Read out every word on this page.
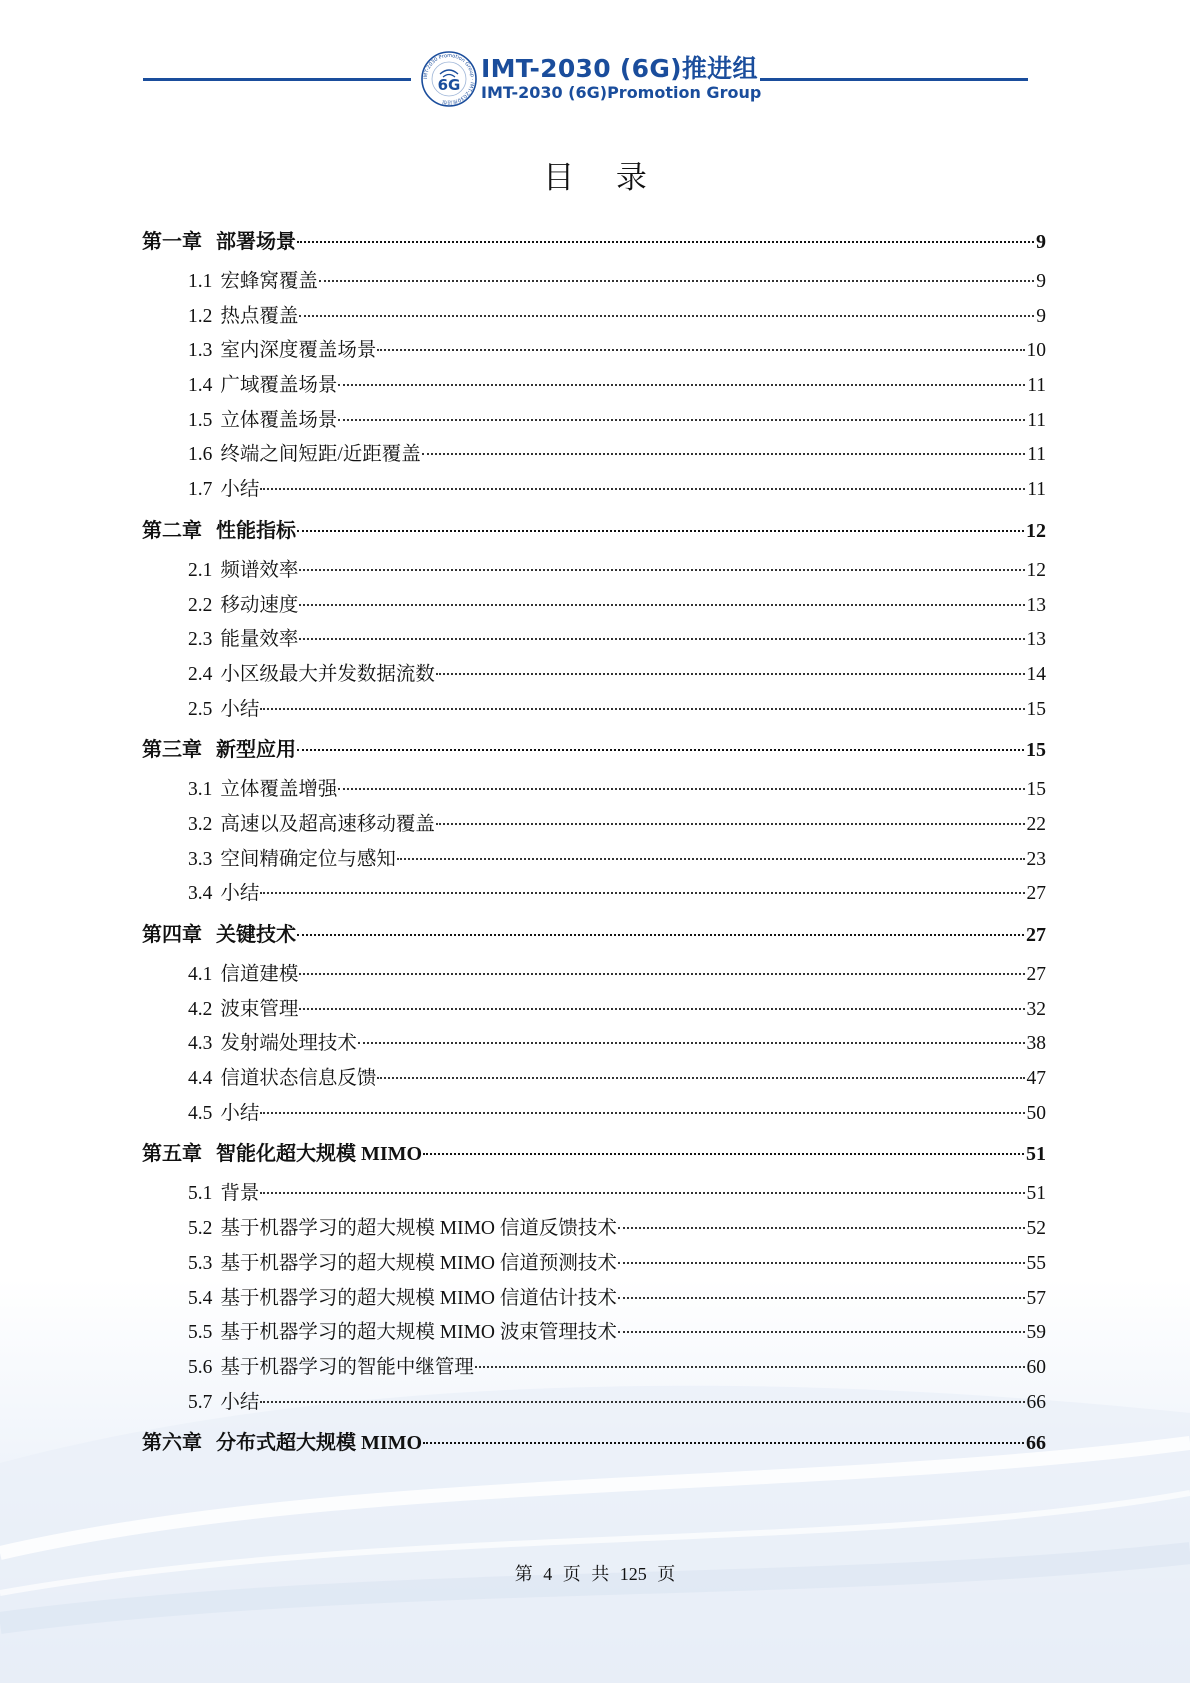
IMT-2030 Promotion Group · IMT-2030推进组
6G
IMT-2030 (6G)推进组
IMT-2030 (6G)Promotion Group
目 录
第一章 部署场景	9
1.1 宏蜂窝覆盖	9
1.2 热点覆盖	9
1.3 室内深度覆盖场景	10
1.4 广域覆盖场景	11
1.5 立体覆盖场景	11
1.6 终端之间短距/近距覆盖	11
1.7 小结	11
第二章 性能指标	12
2.1 频谱效率	12
2.2 移动速度	13
2.3 能量效率	13
2.4 小区级最大并发数据流数	14
2.5 小结	15
第三章 新型应用	15
3.1 立体覆盖增强	15
3.2 高速以及超高速移动覆盖	22
3.3 空间精确定位与感知	23
3.4 小结	27
第四章 关键技术	27
4.1 信道建模	27
4.2 波束管理	32
4.3 发射端处理技术	38
4.4 信道状态信息反馈	47
4.5 小结	50
第五章 智能化超大规模 MIMO	51
5.1 背景	51
5.2 基于机器学习的超大规模 MIMO 信道反馈技术	52
5.3 基于机器学习的超大规模 MIMO 信道预测技术	55
5.4 基于机器学习的超大规模 MIMO 信道估计技术	57
5.5 基于机器学习的超大规模 MIMO 波束管理技术	59
5.6 基于机器学习的智能中继管理	60
5.7 小结	66
第六章 分布式超大规模 MIMO	66
第 4 页 共 125 页
